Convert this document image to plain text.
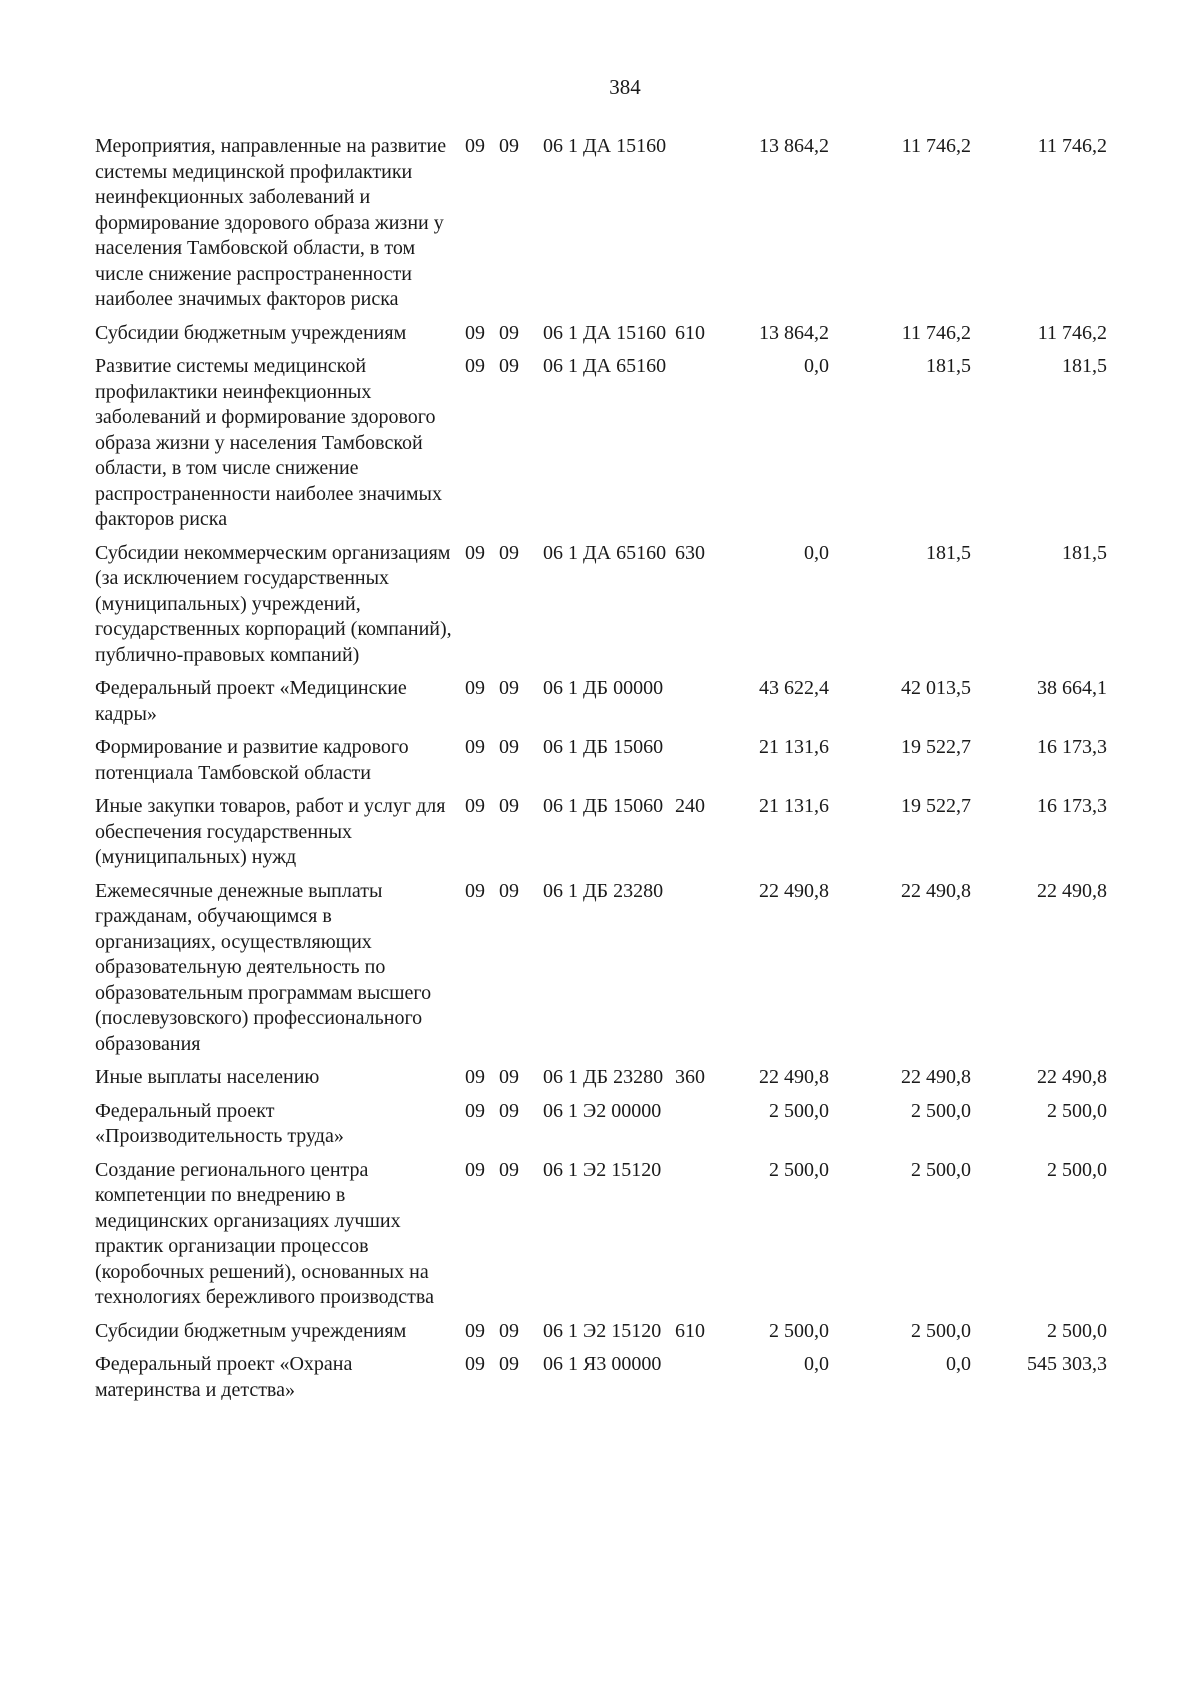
384
Мероприятия, направленные на развитие системы медицинской профилактики неинфекционных заболеваний и формирование здорового образа жизни у населения Тамбовской области, в том числе снижение распространенности наиболее значимых факторов риска	09	09	06 1 ДА 15160		13 864,2	11 746,2	11 746,2
Субсидии бюджетным учреждениям	09	09	06 1 ДА 15160	610	13 864,2	11 746,2	11 746,2
Развитие системы медицинской профилактики неинфекционных заболеваний и формирование здорового образа жизни у населения Тамбовской области, в том числе снижение распространенности наиболее значимых факторов риска	09	09	06 1 ДА 65160		0,0	181,5	181,5
Субсидии некоммерческим организациям (за исключением государственных (муниципальных) учреждений, государственных корпораций (компаний), публично-правовых компаний)	09	09	06 1 ДА 65160	630	0,0	181,5	181,5
Федеральный проект «Медицинские кадры»	09	09	06 1 ДБ 00000		43 622,4	42 013,5	38 664,1
Формирование и развитие кадрового потенциала Тамбовской области	09	09	06 1 ДБ 15060		21 131,6	19 522,7	16 173,3
Иные закупки товаров, работ и услуг для обеспечения государственных (муниципальных) нужд	09	09	06 1 ДБ 15060	240	21 131,6	19 522,7	16 173,3
Ежемесячные денежные выплаты гражданам, обучающимся в организациях, осуществляющих образовательную деятельность по образовательным программам высшего (послевузовского) профессионального образования	09	09	06 1 ДБ 23280		22 490,8	22 490,8	22 490,8
Иные выплаты населению	09	09	06 1 ДБ 23280	360	22 490,8	22 490,8	22 490,8
Федеральный проект «Производительность труда»	09	09	06 1 Э2 00000		2 500,0	2 500,0	2 500,0
Создание регионального центра компетенции по внедрению в медицинских организациях лучших практик организации процессов (коробочных решений), основанных на технологиях бережливого производства	09	09	06 1 Э2 15120		2 500,0	2 500,0	2 500,0
Субсидии бюджетным учреждениям	09	09	06 1 Э2 15120	610	2 500,0	2 500,0	2 500,0
Федеральный проект «Охрана материнства и детства»	09	09	06 1 Я3 00000		0,0	0,0	545 303,3
